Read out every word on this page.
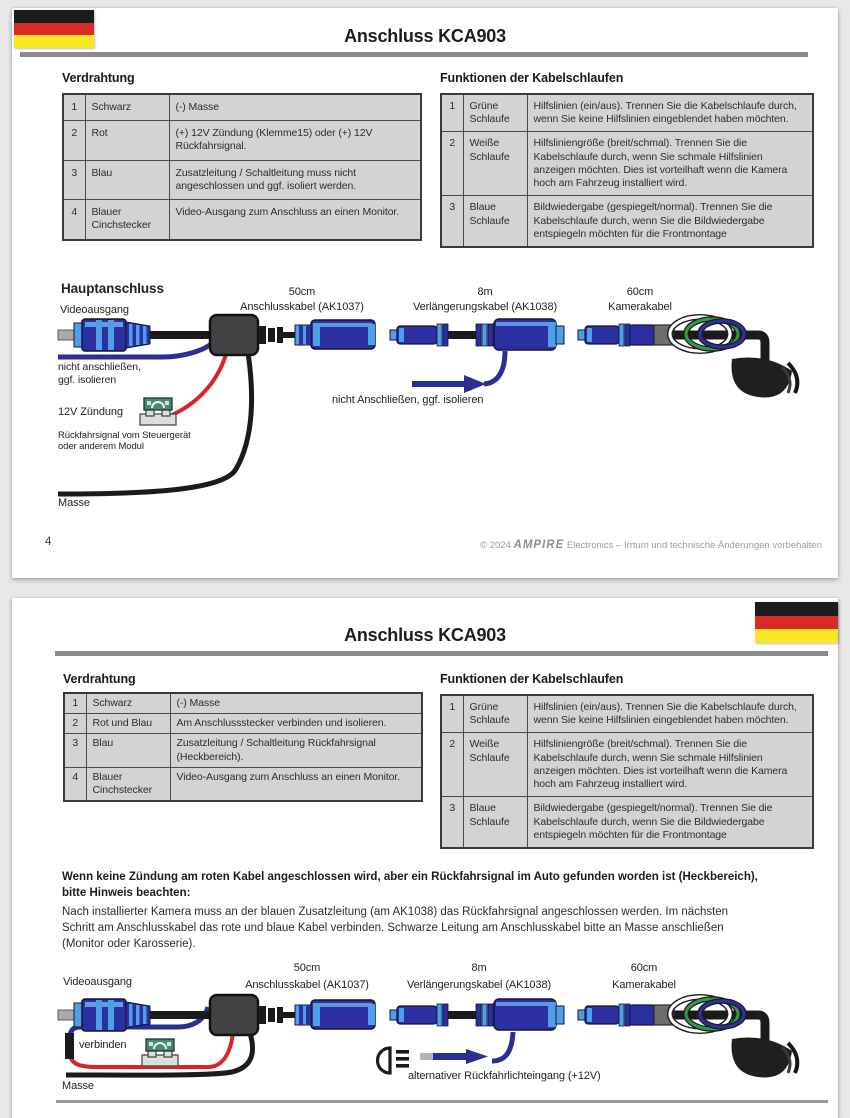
Anschluss KCA903
Verdrahtung
1	Schwarz	(-) Masse
2	Rot	(+) 12V Zündung (Klemme15) oder (+) 12V Rückfahrsignal.
3	Blau	Zusatzleitung / Schaltleitung muss nicht angeschlossen und ggf. isoliert werden.
4	Blauer Cinchstecker	Video-Ausgang zum Anschluss an einen Monitor.
Funktionen der Kabelschlaufen
1	Grüne Schlaufe	Hilfslinien (ein/aus). Trennen Sie die Kabelschlaufe durch, wenn Sie keine Hilfslinien eingeblendet haben möchten.
2	Weiße Schlaufe	Hilfsliniengröße (breit/schmal). Trennen Sie die Kabelschlaufe durch, wenn Sie schmale Hilfslinien anzeigen möchten. Dies ist vorteilhaft wenn die Kamera hoch am Fahrzeug installiert wird.
3	Blaue Schlaufe	Bildwiedergabe (gespiegelt/normal). Trennen Sie die Kabelschlaufe durch, wenn Sie die Bildwiedergabe entspiegeln möchten für die Frontmontage
Hauptanschluss
Videoausgang
50cm
Anschlusskabel (AK1037)
8m
Verlängerungskabel (AK1038)
60cm
Kamerakabel
nicht anschließen,
ggf. isolieren
nicht Anschließen, ggf. isolieren
12V Zündung
Rückfahrsignal vom Steuergerät
oder anderem Modul
Masse
4	© 2024 AMPIRE Electronics – Irrtum und technische Änderungen vorbehalten
Anschluss KCA903
Verdrahtung
1	Schwarz	(-) Masse
2	Rot und Blau	Am Anschlussstecker verbinden und isolieren.
3	Blau	Zusatzleitung / Schaltleitung Rückfahrsignal (Heckbereich).
4	Blauer Cinchstecker	Video-Ausgang zum Anschluss an einen Monitor.
Funktionen der Kabelschlaufen
1	Grüne Schlaufe	Hilfslinien (ein/aus). Trennen Sie die Kabelschlaufe durch, wenn Sie keine Hilfslinien eingeblendet haben möchten.
2	Weiße Schlaufe	Hilfsliniengröße (breit/schmal). Trennen Sie die Kabelschlaufe durch, wenn Sie schmale Hilfslinien anzeigen möchten. Dies ist vorteilhaft wenn die Kamera hoch am Fahrzeug installiert wird.
3	Blaue Schlaufe	Bildwiedergabe (gespiegelt/normal). Trennen Sie die Kabelschlaufe durch, wenn Sie die Bildwiedergabe entspiegeln möchten für die Frontmontage
Wenn keine Zündung am roten Kabel angeschlossen wird, aber ein Rückfahrsignal im Auto gefunden worden ist (Heckbereich),
bitte Hinweis beachten:
Nach installierter Kamera muss an der blauen Zusatzleitung (am AK1038) das Rückfahrsignal angeschlossen werden. Im nächsten
Schritt am Anschlusskabel das rote und blaue Kabel verbinden. Schwarze Leitung am Anschlusskabel bitte an Masse anschließen
(Monitor oder Karosserie).
Videoausgang
50cm
Anschlusskabel (AK1037)
8m
Verlängerungskabel (AK1038)
60cm
Kamerakabel
verbinden
alternativer Rückfahrlichteingang (+12V)
Masse
